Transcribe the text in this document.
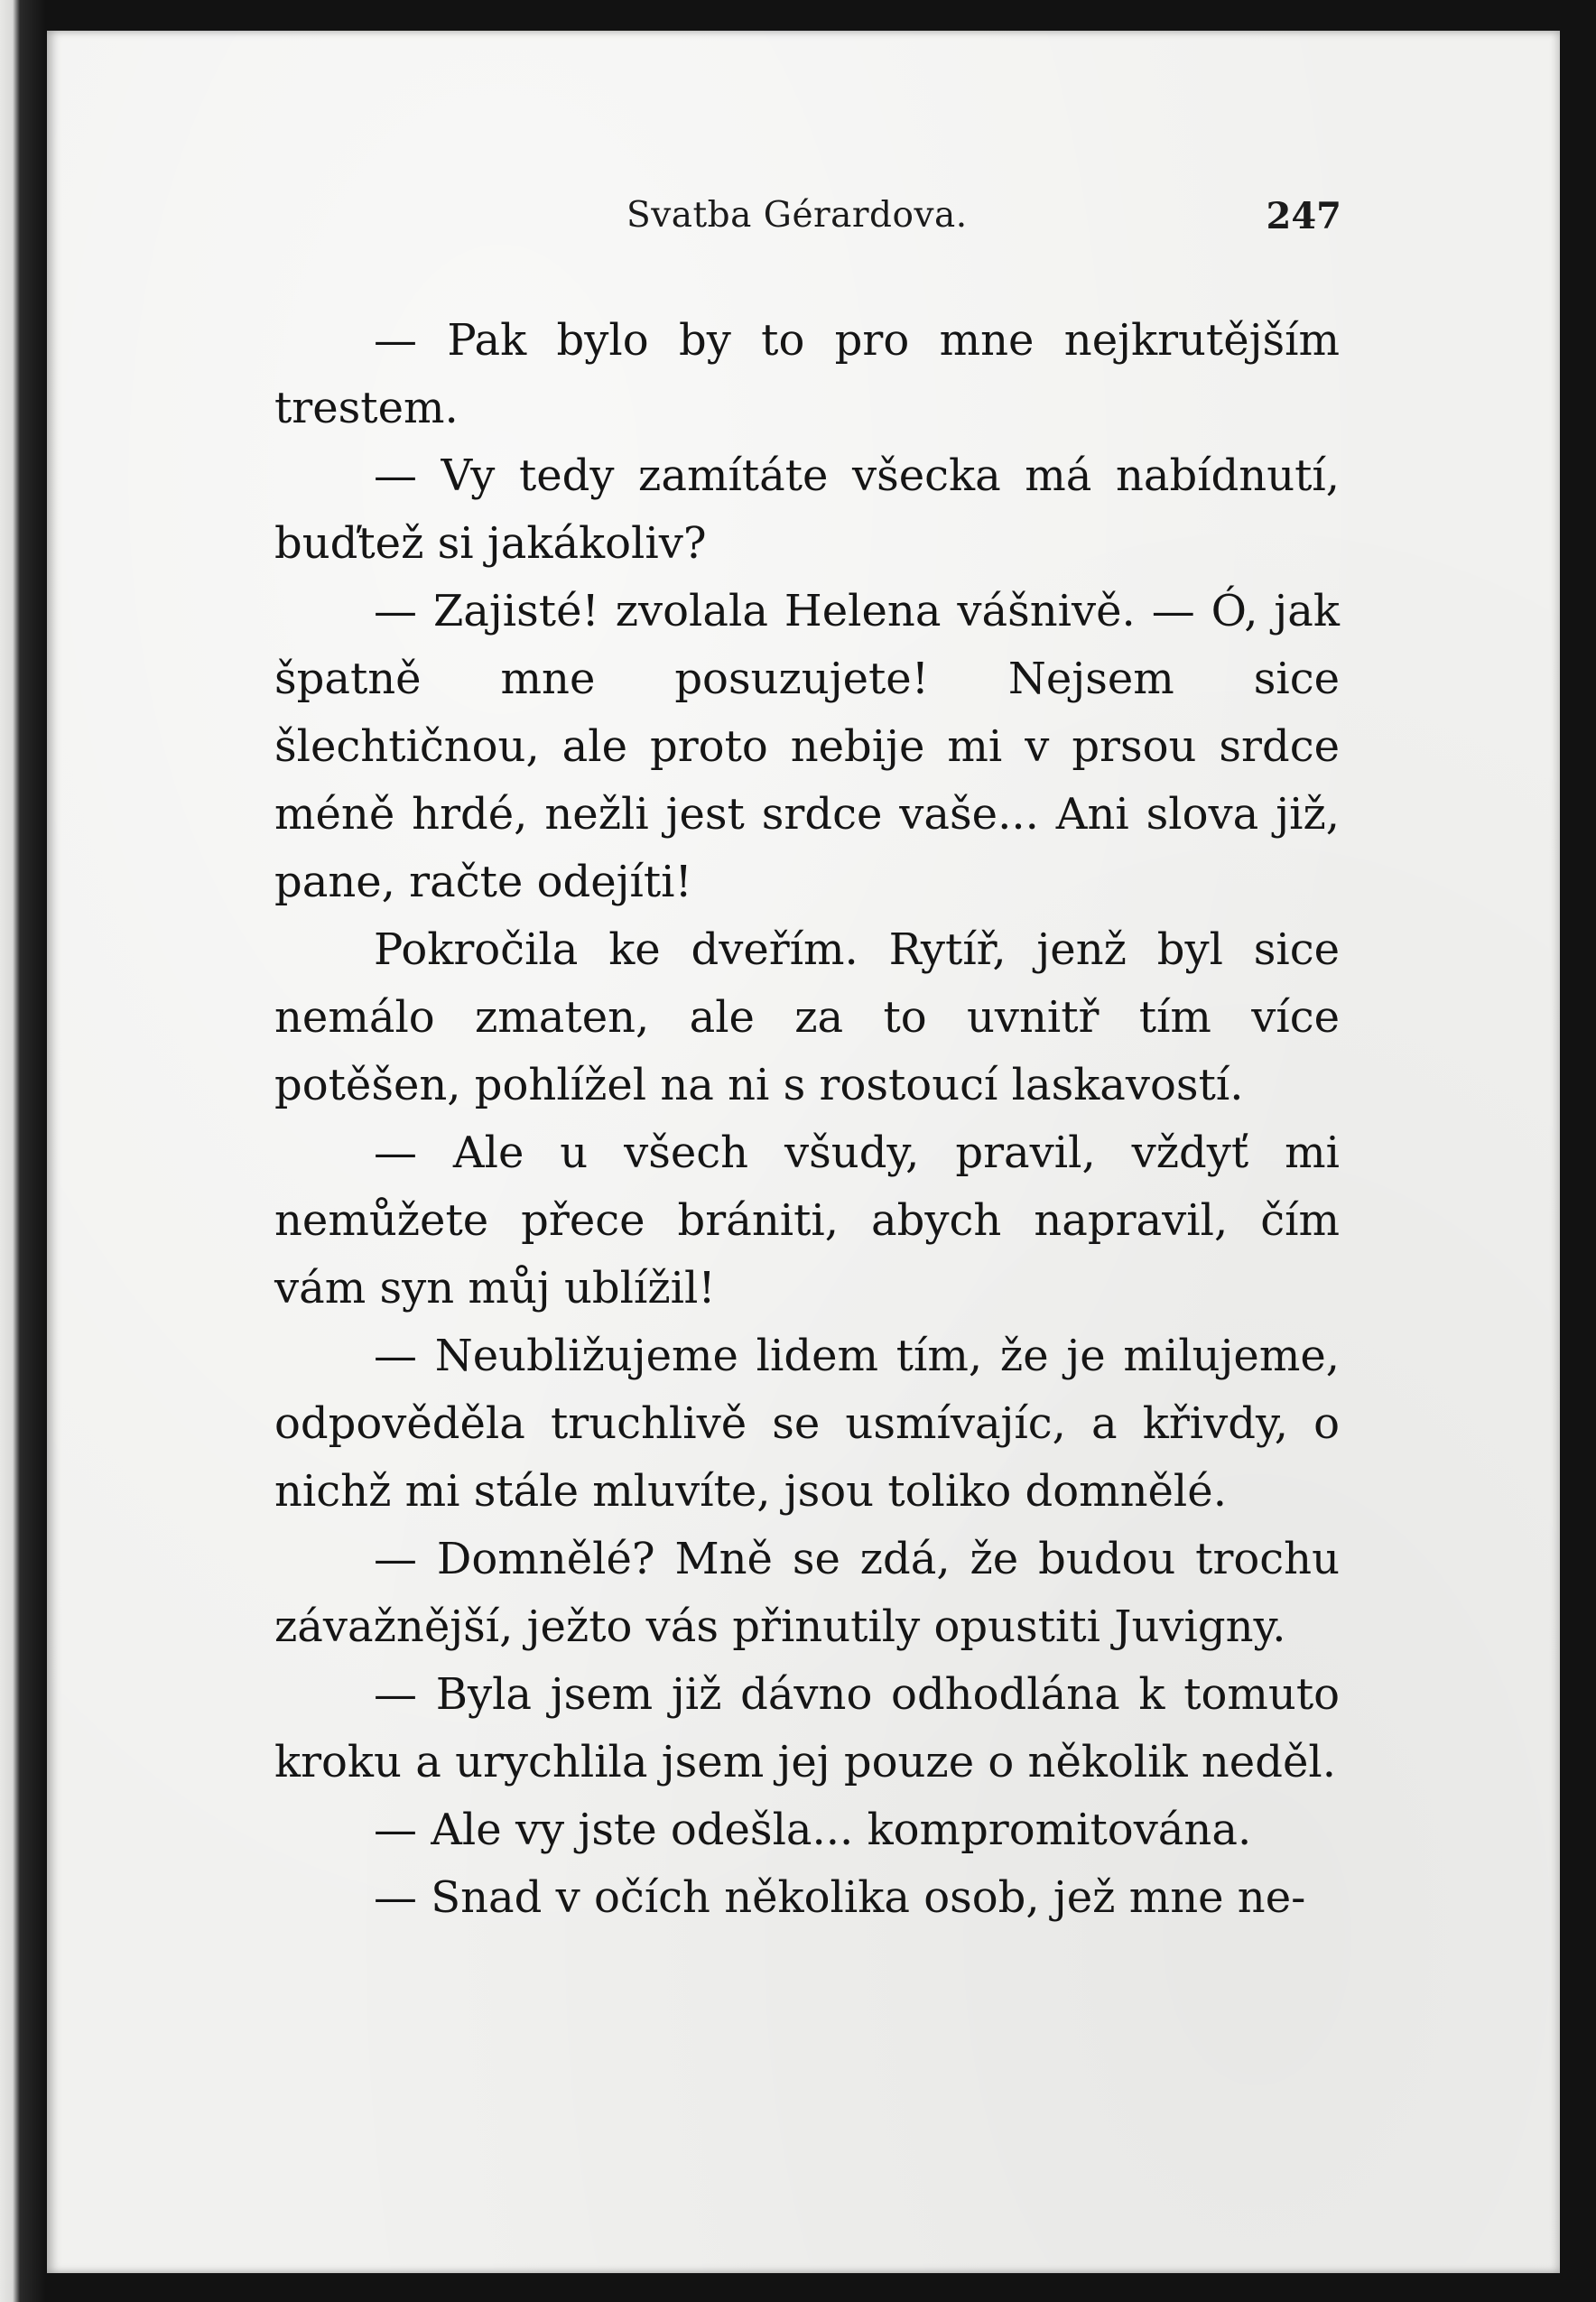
Svatba Gérardova.	247

— Pak bylo by to pro mne nejkrutějším trestem.

— Vy tedy zamítáte všecka má nabídnutí, buďtež si jakákoliv?

— Zajisté! zvolala Helena vášnivě. — Ó, jak špatně mne posuzujete! Nejsem sice šlechtičnou, ale proto nebije mi v prsou srdce méně hrdé, nežli jest srdce vaše... Ani slova již, pane, račte odejíti!

Pokročila ke dveřím. Rytíř, jenž byl sice nemálo zmaten, ale za to uvnitř tím více potěšen, pohlížel na ni s rostoucí laskavostí.

— Ale u všech všudy, pravil, vždyť mi nemůžete přece brániti, abych napravil, čím vám syn můj ublížil!

— Neubližujeme lidem tím, že je milujeme, odpověděla truchlivě se usmívajíc, a křivdy, o nichž mi stále mluvíte, jsou toliko domnělé.

— Domnělé? Mně se zdá, že budou trochu závažnější, ježto vás přinutily opustiti Juvigny.

— Byla jsem již dávno odhodlána k tomuto kroku a urychlila jsem jej pouze o několik neděl.

— Ale vy jste odešla... kompromitována.

— Snad v očích několika osob, jež mne ne-
